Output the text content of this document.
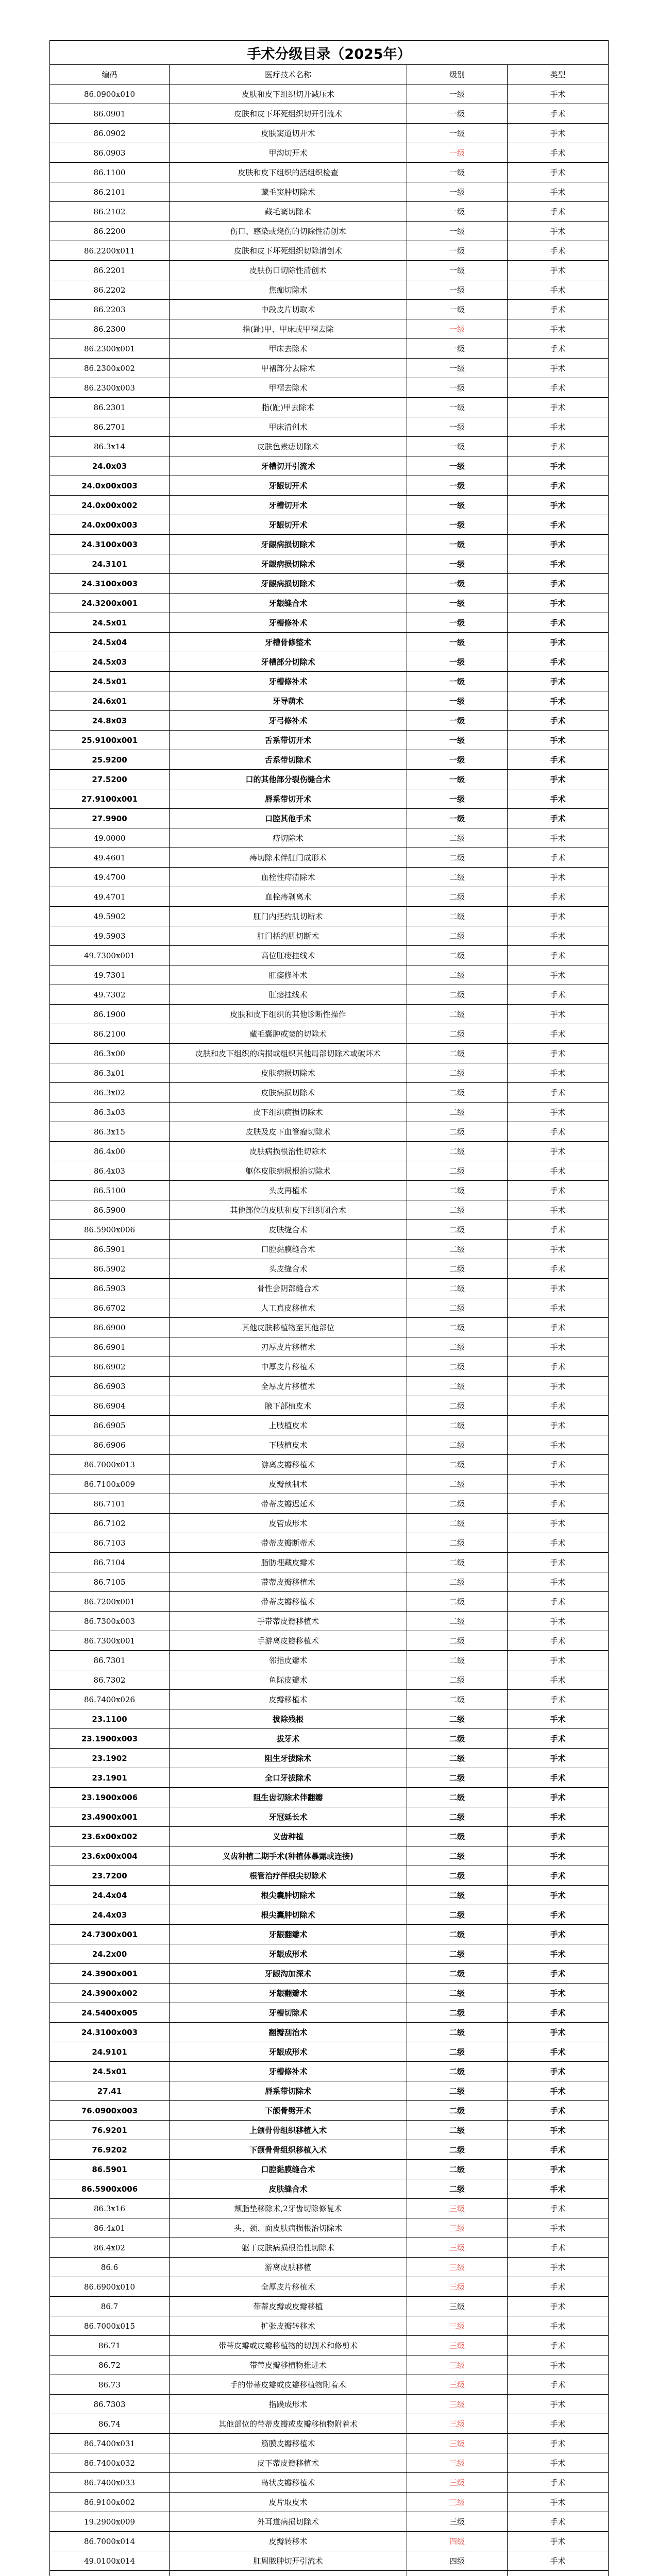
手术分级目录（2025年）			
编码	医疗技术名称	级别	类型
86.0900x010	皮肤和皮下组织切开减压术	一级	手术
86.0901	皮肤和皮下坏死组织切开引流术	一级	手术
86.0902	皮肤窦道切开术	一级	手术
86.0903	甲沟切开术	一级	手术
86.1100	皮肤和皮下组织的活组织检查	一级	手术
86.2101	藏毛窦肿切除术	一级	手术
86.2102	藏毛窦切除术	一级	手术
86.2200	伤口、感染或烧伤的切除性清创术	一级	手术
86.2200x011	皮肤和皮下坏死组织切除清创术	一级	手术
86.2201	皮肤伤口切除性清创术	一级	手术
86.2202	焦痂切除术	一级	手术
86.2203	中段皮片切取术	一级	手术
86.2300	指(趾)甲、甲床或甲褶去除	一级	手术
86.2300x001	甲床去除术	一级	手术
86.2300x002	甲褶部分去除术	一级	手术
86.2300x003	甲褶去除术	一级	手术
86.2301	指(趾)甲去除术	一级	手术
86.2701	甲床清创术	一级	手术
86.3x14	皮肤色素痣切除术	一级	手术
24.0x03	牙槽切开引流术	一级	手术
24.0x00x003	牙龈切开术	一级	手术
24.0x00x002	牙槽切开术	一级	手术
24.0x00x003	牙龈切开术	一级	手术
24.3100x003	牙龈病损切除术	一级	手术
24.3101	牙龈病损切除术	一级	手术
24.3100x003	牙龈病损切除术	一级	手术
24.3200x001	牙龈缝合术	一级	手术
24.5x01	牙槽修补术	一级	手术
24.5x04	牙槽骨修整术	一级	手术
24.5x03	牙槽部分切除术	一级	手术
24.5x01	牙槽修补术	一级	手术
24.6x01	牙导萌术	一级	手术
24.8x03	牙弓修补术	一级	手术
25.9100x001	舌系带切开术	一级	手术
25.9200	舌系带切除术	一级	手术
27.5200	口的其他部分裂伤缝合术	一级	手术
27.9100x001	唇系带切开术	一级	手术
27.9900	口腔其他手术	一级	手术
49.0000	痔切除术	二级	手术
49.4601	痔切除术伴肛门成形术	二级	手术
49.4700	血栓性痔清除术	二级	手术
49.4701	血栓痔剥离术	二级	手术
49.5902	肛门内括约肌切断术	二级	手术
49.5903	肛门括约肌切断术	二级	手术
49.7300x001	高位肛瘘挂线术	二级	手术
49.7301	肛瘘修补术	二级	手术
49.7302	肛瘘挂线术	二级	手术
86.1900	皮肤和皮下组织的其他诊断性操作	二级	手术
86.2100	藏毛囊肿或窦的切除术	二级	手术
86.3x00	皮肤和皮下组织的病损或组织其他局部切除术或破坏术	二级	手术
86.3x01	皮肤病损切除术	二级	手术
86.3x02	皮肤病损切除术	二级	手术
86.3x03	皮下组织病损切除术	二级	手术
86.3x15	皮肤及皮下血管瘤切除术	二级	手术
86.4x00	皮肤病损根治性切除术	二级	手术
86.4x03	躯体皮肤病损根治切除术	二级	手术
86.5100	头皮再植术	二级	手术
86.5900	其他部位的皮肤和皮下组织闭合术	二级	手术
86.5900x006	皮肤缝合术	二级	手术
86.5901	口腔黏膜缝合术	二级	手术
86.5902	头皮缝合术	二级	手术
86.5903	骨性会阴部缝合术	二级	手术
86.6702	人工真皮移植术	二级	手术
86.6900	其他皮肤移植物至其他部位	二级	手术
86.6901	刃厚皮片移植术	二级	手术
86.6902	中厚皮片移植术	二级	手术
86.6903	全厚皮片移植术	二级	手术
86.6904	腋下部植皮术	二级	手术
86.6905	上肢植皮术	二级	手术
86.6906	下肢植皮术	二级	手术
86.7000x013	游离皮瓣移植术	二级	手术
86.7100x009	皮瓣预制术	二级	手术
86.7101	带蒂皮瓣迟延术	二级	手术
86.7102	皮管成形术	二级	手术
86.7103	带蒂皮瓣断蒂术	二级	手术
86.7104	脂肪埋藏皮瓣术	二级	手术
86.7105	带蒂皮瓣移植术	二级	手术
86.7200x001	带蒂皮瓣移植术	二级	手术
86.7300x003	手带蒂皮瓣移植术	二级	手术
86.7300x001	手游离皮瓣移植术	二级	手术
86.7301	邻指皮瓣术	二级	手术
86.7302	鱼际皮瓣术	二级	手术
86.7400x026	皮瓣移植术	二级	手术
23.1100	拔除残根	二级	手术
23.1900x003	拔牙术	二级	手术
23.1902	阻生牙拔除术	二级	手术
23.1901	全口牙拔除术	二级	手术
23.1900x006	阻生齿切除术伴翻瓣	二级	手术
23.4900x001	牙冠延长术	二级	手术
23.6x00x002	义齿种植	二级	手术
23.6x00x004	义齿种植二期手术(种植体暴露或连接)	二级	手术
23.7200	根管治疗伴根尖切除术	二级	手术
24.4x04	根尖囊肿切除术	二级	手术
24.4x03	根尖囊肿切除术	二级	手术
24.7300x001	牙龈翻瓣术	二级	手术
24.2x00	牙龈成形术	二级	手术
24.3900x001	牙龈沟加深术	二级	手术
24.3900x002	牙龈翻瓣术	二级	手术
24.5400x005	牙槽切除术	二级	手术
24.3100x003	翻瓣刮治术	二级	手术
24.9101	牙龈成形术	二级	手术
24.5x01	牙槽修补术	二级	手术
27.41	唇系带切除术	二级	手术
76.0900x003	下颌骨劈开术	二级	手术
76.9201	上颌骨骨组织移植入术	二级	手术
76.9202	下颌骨骨组织移植入术	二级	手术
86.5901	口腔黏膜缝合术	二级	手术
86.5900x006	皮肤缝合术	二级	手术
86.3x16	颊脂垫移除术,2牙齿切除修复术	三级	手术
86.4x01	头、颈、面皮肤病损根治切除术	三级	手术
86.4x02	躯干皮肤病损根治性切除术	三级	手术
86.6	游离皮肤移植	三级	手术
86.6900x010	全厚皮片移植术	三级	手术
86.7	带蒂皮瓣或皮瓣移植	三级	手术
86.7000x015	扩张皮瓣转移术	三级	手术
86.71	带蒂皮瓣或皮瓣移植物的切割术和修剪术	三级	手术
86.72	带蒂皮瓣移植物推进术	三级	手术
86.73	手的带蒂皮瓣或皮瓣移植物附着术	三级	手术
86.7303	指蹼成形术	三级	手术
86.74	其他部位的带蒂皮瓣或皮瓣移植物附着术	三级	手术
86.7400x031	筋膜皮瓣移植术	三级	手术
86.7400x032	皮下蒂皮瓣移植术	三级	手术
86.7400x033	岛状皮瓣移植术	三级	手术
86.9100x002	皮片取皮术	三级	手术
19.2900x009	外耳道病损切除术	三级	手术
86.7000x014	皮瓣转移术	四级	手术
49.0100x014	肛周脓肿切开引流术	四级	手术
